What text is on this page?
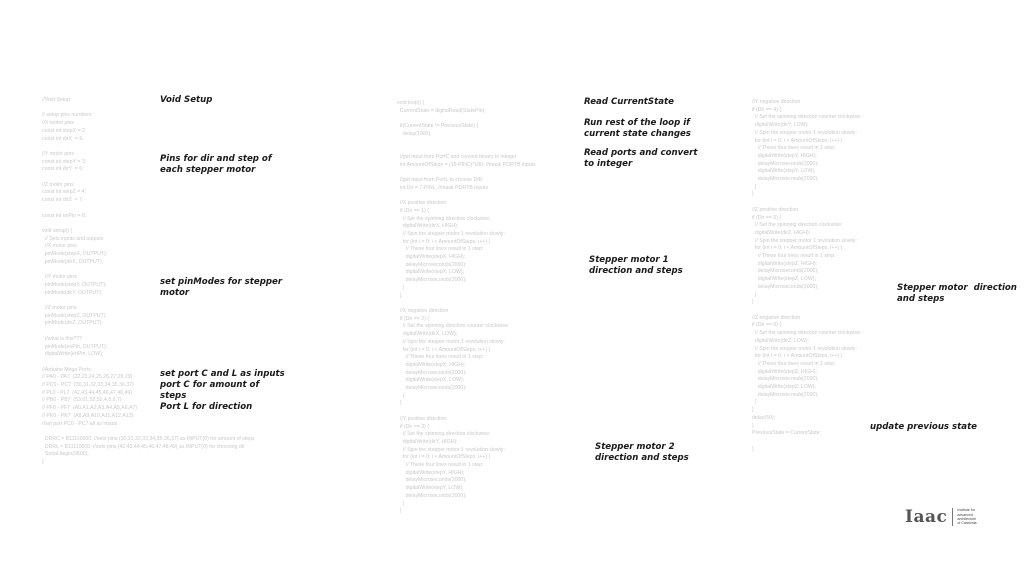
//Void Setup

// setup pins numbers
//X motor pins
const int stepX = 2;
const int dirX  = 5;

//Y motor pins
const int stepY = 3;
const int dirY  = 6;

//Z motor pins
const int stepZ = 4;
const int dirZ  = 7;

const int enPin = 8;

void setup() {
// Sets inputs and outputs
//X motor pins
pinMode(stepX, OUTPUT);
pinMode(dirX, OUTPUT);

//Y motor pins
pinMode(stepY, OUTPUT);
pinMode(dirY, OUTPUT);

//Z motor pins
pinMode(stepZ, OUTPUT);
pinMode(dirZ, OUTPUT);

//what is this???
pinMode(enPin, OUTPUT);
digitalWrite(enPin, LOW);

//Arduino Mega Ports
// PA0 - PA7  (22,23,24,25,26,27,28,29)
// PC0 - PC7  (30,31,32,33,34,35,36,37)
// PL0 - PL7  (42,43,44,45,46,47,48,49)
// PB0 - PB7  (53,51,52,50,4,5,6,7)
// PF0 - PF7  (A0,A1,A2,A3,A4,A5,A6,A7)
// PK0 - PK7  (A8,A9,A10,A11,A12,A13)
//set port PC0 - PC7 all as inputs

DDRC = B11110000; //sets pins (30,31,32,33,34,35,36,37) as INPUT(0) for amount of steps
DDRL = B11110000; //sets pins (42,43,44,45,46,47,48,49) as INPUT(0) for choosing dir
Serial.begin(9600);
}
void loop() {
CurrentState = digitalRead(StatePin);

if(CurrentState != PreviousState) {
delay(1000);

//get input from PortC and convert binary to integer
int AmountOfSteps = (15-PINC)*180; //mask PORTB inputs

//get input from PortL to choose DIR
int Dir = 7-PINL; //mask PORTB inputs

//X positive direction
if (Dir == 1) {
// Set the spinning direction clockwise:
digitalWrite(dirX, HIGH);
// Spin the stepper motor 1 revolution slowly:
for (int i = 0; i < AmountOfSteps; i++) {
// These four lines result in 1 step:
digitalWrite(stepX, HIGH);
delayMicroseconds(2000);
digitalWrite(stepX, LOW);
delayMicroseconds(2000);
}
}

//X negative direction
if (Dir == 2) {
// Set the spinning direction counter clockwise:
digitalWrite(dirX, LOW);
// Spin the stepper motor 1 revolution slowly:
for (int i = 0; i < AmountOfSteps; i++) {
// These four lines result in 1 step:
digitalWrite(stepX, HIGH);
delayMicroseconds(2000);
digitalWrite(stepX, LOW);
delayMicroseconds(2000);
}
}

//Y positive direction
if (Dir == 3) {
// Set the spinning direction clockwise:
digitalWrite(dirY, HIGH);
// Spin the stepper motor 1 revolution slowly:
for (int i = 0; i < AmountOfSteps; i++) {
// These four lines result in 1 step:
digitalWrite(stepY, HIGH);
delayMicroseconds(2000);
digitalWrite(stepY, LOW);
delayMicroseconds(2000);
}
}
//Y negative direction
if (Dir == 4) {
// Set the spinning direction counter clockwise:
digitalWrite(dirY, LOW);
// Spin the stepper motor 1 revolution slowly:
for (int i = 0; i < AmountOfSteps; i++) {
// These four lines result in 1 step:
digitalWrite(stepY, HIGH);
delayMicroseconds(2000);
digitalWrite(stepY, LOW);
delayMicroseconds(2000);
}
}

//Z positive direction
if (Dir == 5) {
// Set the spinning direction clockwise:
digitalWrite(dirZ, HIGH);
// Spin the stepper motor 1 revolution slowly:
for (int i = 0; i < AmountOfSteps; i++) {
// These four lines result in 1 step:
digitalWrite(stepZ, HIGH);
delayMicroseconds(2000);
digitalWrite(stepZ, LOW);
delayMicroseconds(2000);
}
}

//Z negative direction
if (Dir == 6) {
// Set the spinning direction counter clockwise:
digitalWrite(dirZ, LOW);
// Spin the stepper motor 1 revolution slowly:
for (int i = 0; i < AmountOfSteps; i++) {
// These four lines result in 1 step:
digitalWrite(stepZ, HIGH);
delayMicroseconds(2000);
digitalWrite(stepZ, LOW);
delayMicroseconds(2000);
}
}
delay(50);
}
PreviousState = CurrentState;

}

Void Setup

Pins for dir and step of
each stepper motor

set pinModes for stepper
motor

set port C and L as inputs
port C for amount of
steps
Port L for direction

Read CurrentState

Run rest of the loop if
current state changes

Read ports and convert
to integer

Stepper motor 1
direction and steps

Stepper motor 2
direction and steps

Stepper motor  direction
and steps

update previous state

Iaac	Institute for
advanced
architecture
of Catalonia
